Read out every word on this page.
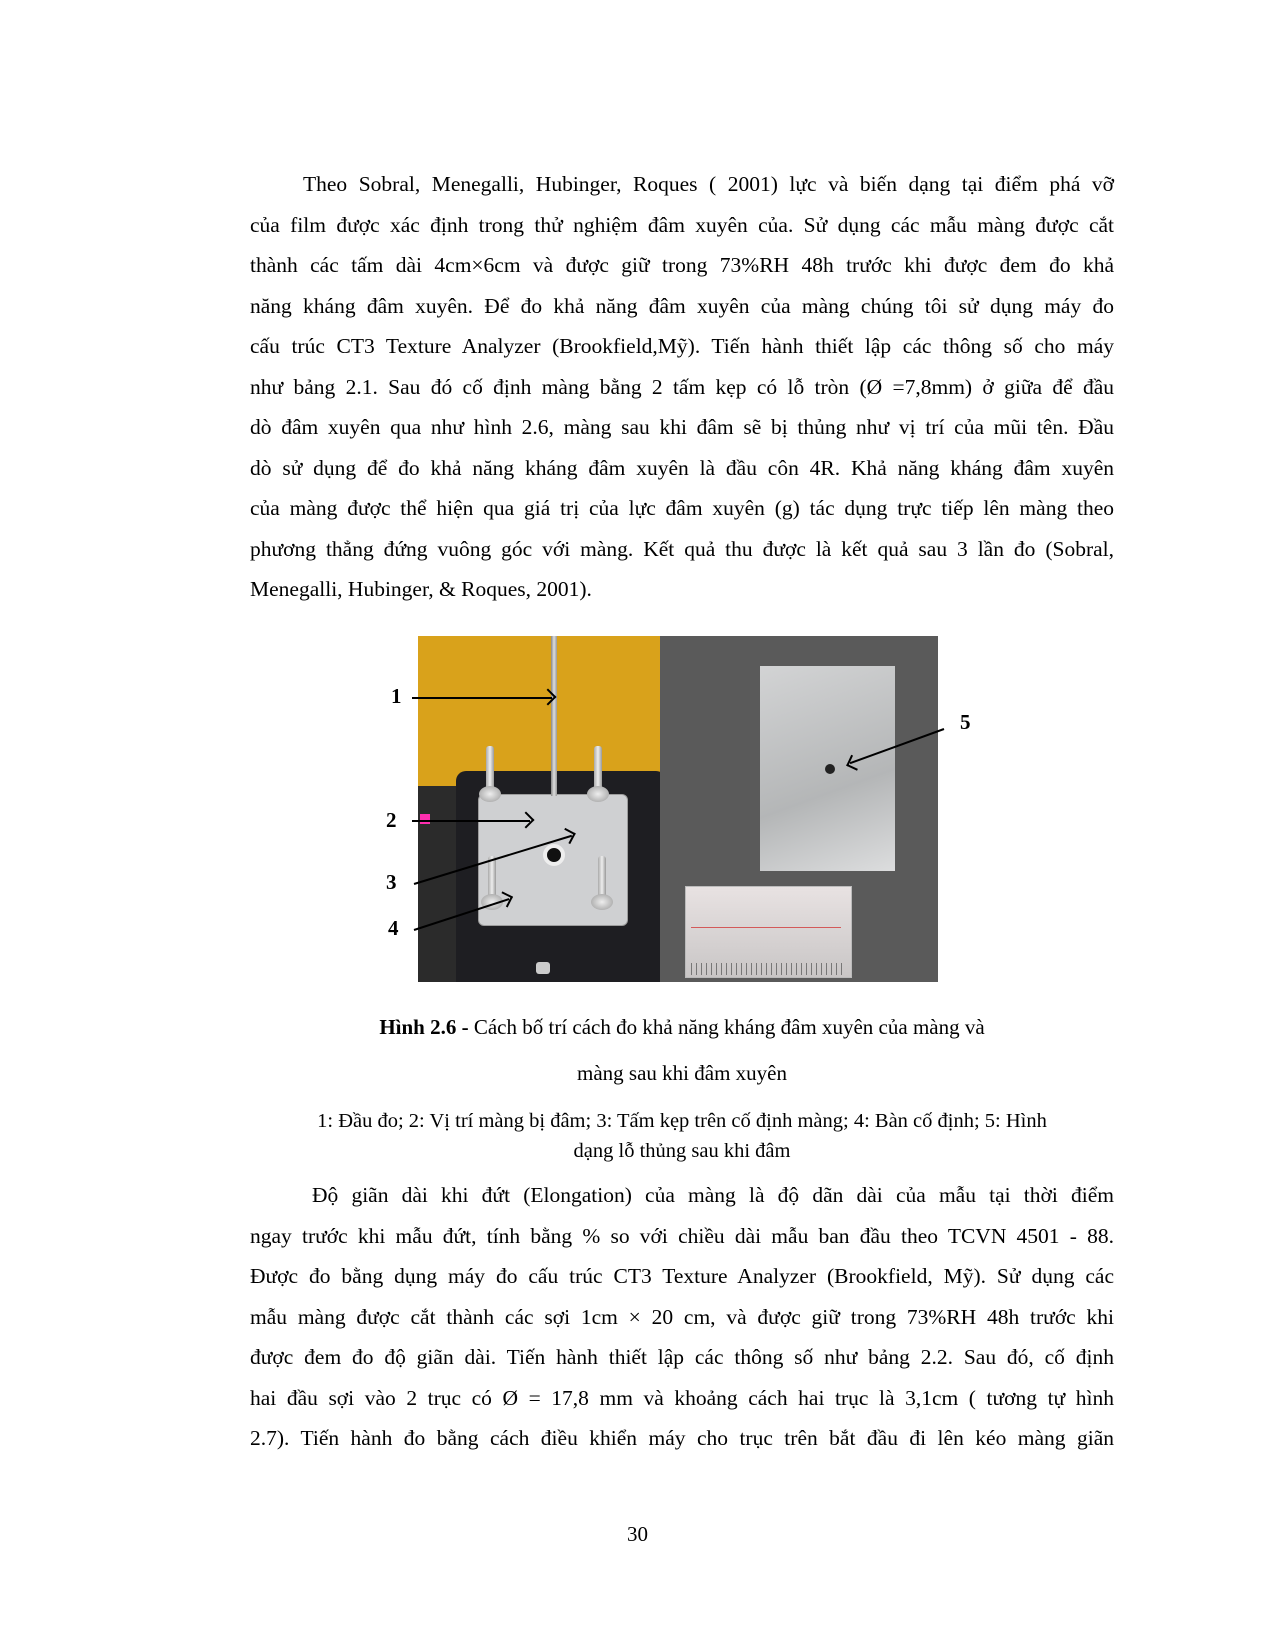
Theo Sobral, Menegalli, Hubinger, Roques ( 2001) lực và biến dạng tại điểm phá vỡ
của film được xác định trong thử nghiệm đâm xuyên của. Sử dụng các mẫu màng được cắt
thành các tấm dài 4cm×6cm và được giữ trong 73%RH 48h trước khi được đem đo khả
năng kháng đâm xuyên. Để đo khả năng đâm xuyên của màng chúng tôi sử dụng máy đo
cấu trúc CT3 Texture Analyzer (Brookfield,Mỹ). Tiến hành thiết lập các thông số cho máy
như bảng 2.1. Sau đó cố định màng bằng 2 tấm kẹp có lỗ tròn (Ø =7,8mm) ở giữa để đầu
dò đâm xuyên qua như hình 2.6, màng sau khi đâm sẽ bị thủng như vị trí của mũi tên. Đầu
dò sử dụng để đo khả năng kháng đâm xuyên là đầu côn 4R. Khả năng kháng đâm xuyên
của màng được thể hiện qua giá trị của lực đâm xuyên (g) tác dụng trực tiếp lên màng theo
phương thẳng đứng vuông góc với màng. Kết quả thu được là kết quả sau 3 lần đo (Sobral,
Menegalli, Hubinger, & Roques, 2001).
1
2
3
4
5
Hình 2.6 - Cách bố trí cách đo khả năng kháng đâm xuyên của màng và
màng sau khi đâm xuyên
1: Đầu đo; 2: Vị trí màng bị đâm; 3: Tấm kẹp trên cố định màng; 4: Bàn cố định; 5: Hình
dạng lỗ thủng sau khi đâm
Độ giãn dài khi đứt (Elongation) của màng là độ dãn dài của mẫu tại thời điểm
ngay trước khi mẫu đứt, tính bằng % so với chiều dài mẫu ban đầu theo TCVN 4501 - 88.
Được đo bằng dụng máy đo cấu trúc CT3 Texture Analyzer (Brookfield, Mỹ). Sử dụng các
mẫu màng được cắt thành các sợi 1cm × 20 cm, và được giữ trong 73%RH 48h trước khi
được đem đo độ giãn dài. Tiến hành thiết lập các thông số như bảng 2.2. Sau đó, cố định
hai đầu sợi vào 2 trục có Ø = 17,8 mm và khoảng cách hai trục là 3,1cm ( tương tự hình
2.7). Tiến hành đo bằng cách điều khiển máy cho trục trên bắt đầu đi lên kéo màng giãn
30
